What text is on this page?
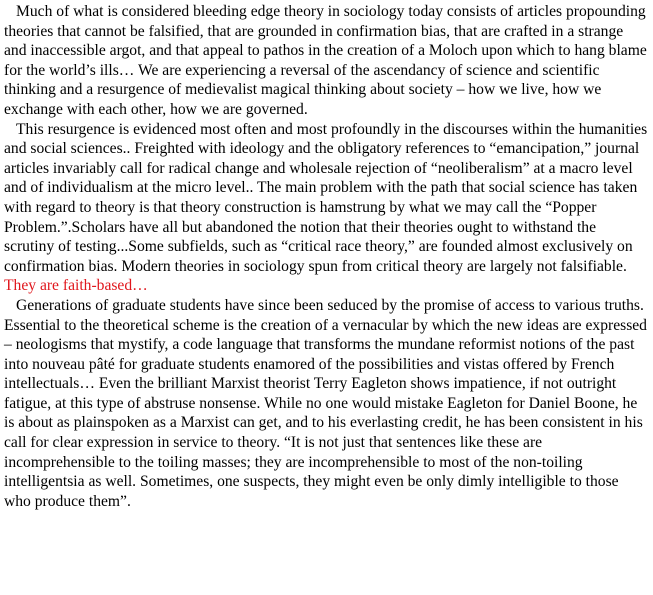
Much of what is considered bleeding edge theory in sociology today consists of articles propounding theories that cannot be falsified, that are grounded in confirmation bias, that are crafted in a strange and inaccessible argot, and that appeal to pathos in the creation of a Moloch upon which to hang blame for the world’s ills… We are experiencing a reversal of the ascendancy of science and scientific thinking and a resurgence of medievalist magical thinking about society – how we live, how we exchange with each other, how we are governed.

This resurgence is evidenced most often and most profoundly in the discourses within the humanities and social sciences.. Freighted with ideology and the obligatory references to “emancipation,” journal articles invariably call for radical change and wholesale rejection of “neoliberalism” at a macro level and of individualism at the micro level.. The main problem with the path that social science has taken with regard to theory is that theory construction is hamstrung by what we may call the “Popper Problem.”.Scholars have all but abandoned the notion that their theories ought to withstand the scrutiny of testing...Some subfields, such as “critical race theory,” are founded almost exclusively on confirmation bias. Modern theories in sociology spun from critical theory are largely not falsifiable. They are faith-based…

Generations of graduate students have since been seduced by the promise of access to various truths. Essential to the theoretical scheme is the creation of a vernacular by which the new ideas are expressed – neologisms that mystify, a code language that transforms the mundane reformist notions of the past into nouveau pâté for graduate students enamored of the possibilities and vistas offered by French intellectuals… Even the brilliant Marxist theorist Terry Eagleton shows impatience, if not outright fatigue, at this type of abstruse nonsense. While no one would mistake Eagleton for Daniel Boone, he is about as plainspoken as a Marxist can get, and to his everlasting credit, he has been consistent in his call for clear expression in service to theory. “It is not just that sentences like these are incomprehensible to the toiling masses; they are incomprehensible to most of the non-toiling intelligentsia as well. Sometimes, one suspects, they might even be only dimly intelligible to those who produce them”.
